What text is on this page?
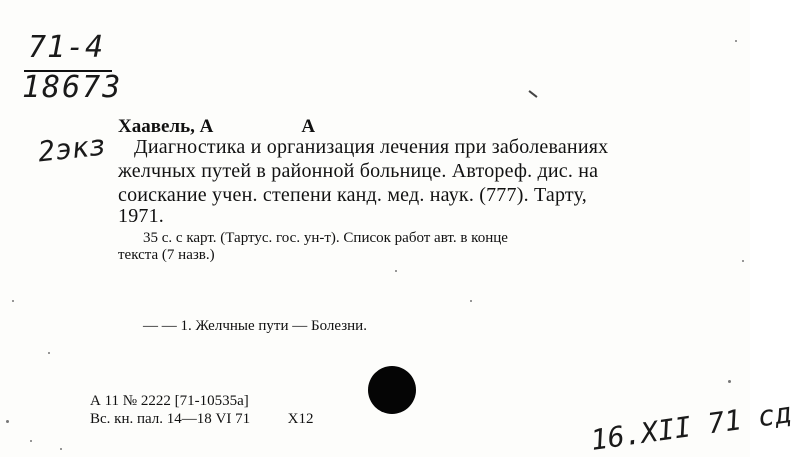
71-4
18673
2экз
Хаавель, А	А
Диагностика и организация лечения при заболеваниях
желчных путей в районной больнице. Автореф. дис. на
соискание учен. степени канд. мед. наук. (777). Тарту,
1971.
35 с. с карт. (Тартус. гос. ун-т). Список работ авт. в конце
текста (7 назв.)
— — 1. Желчные пути — Болезни.
А 11 № 2222 [71-10535а]
Вс. кн. пал. 14—18 VI 71	X12	16.XII 71 сд
